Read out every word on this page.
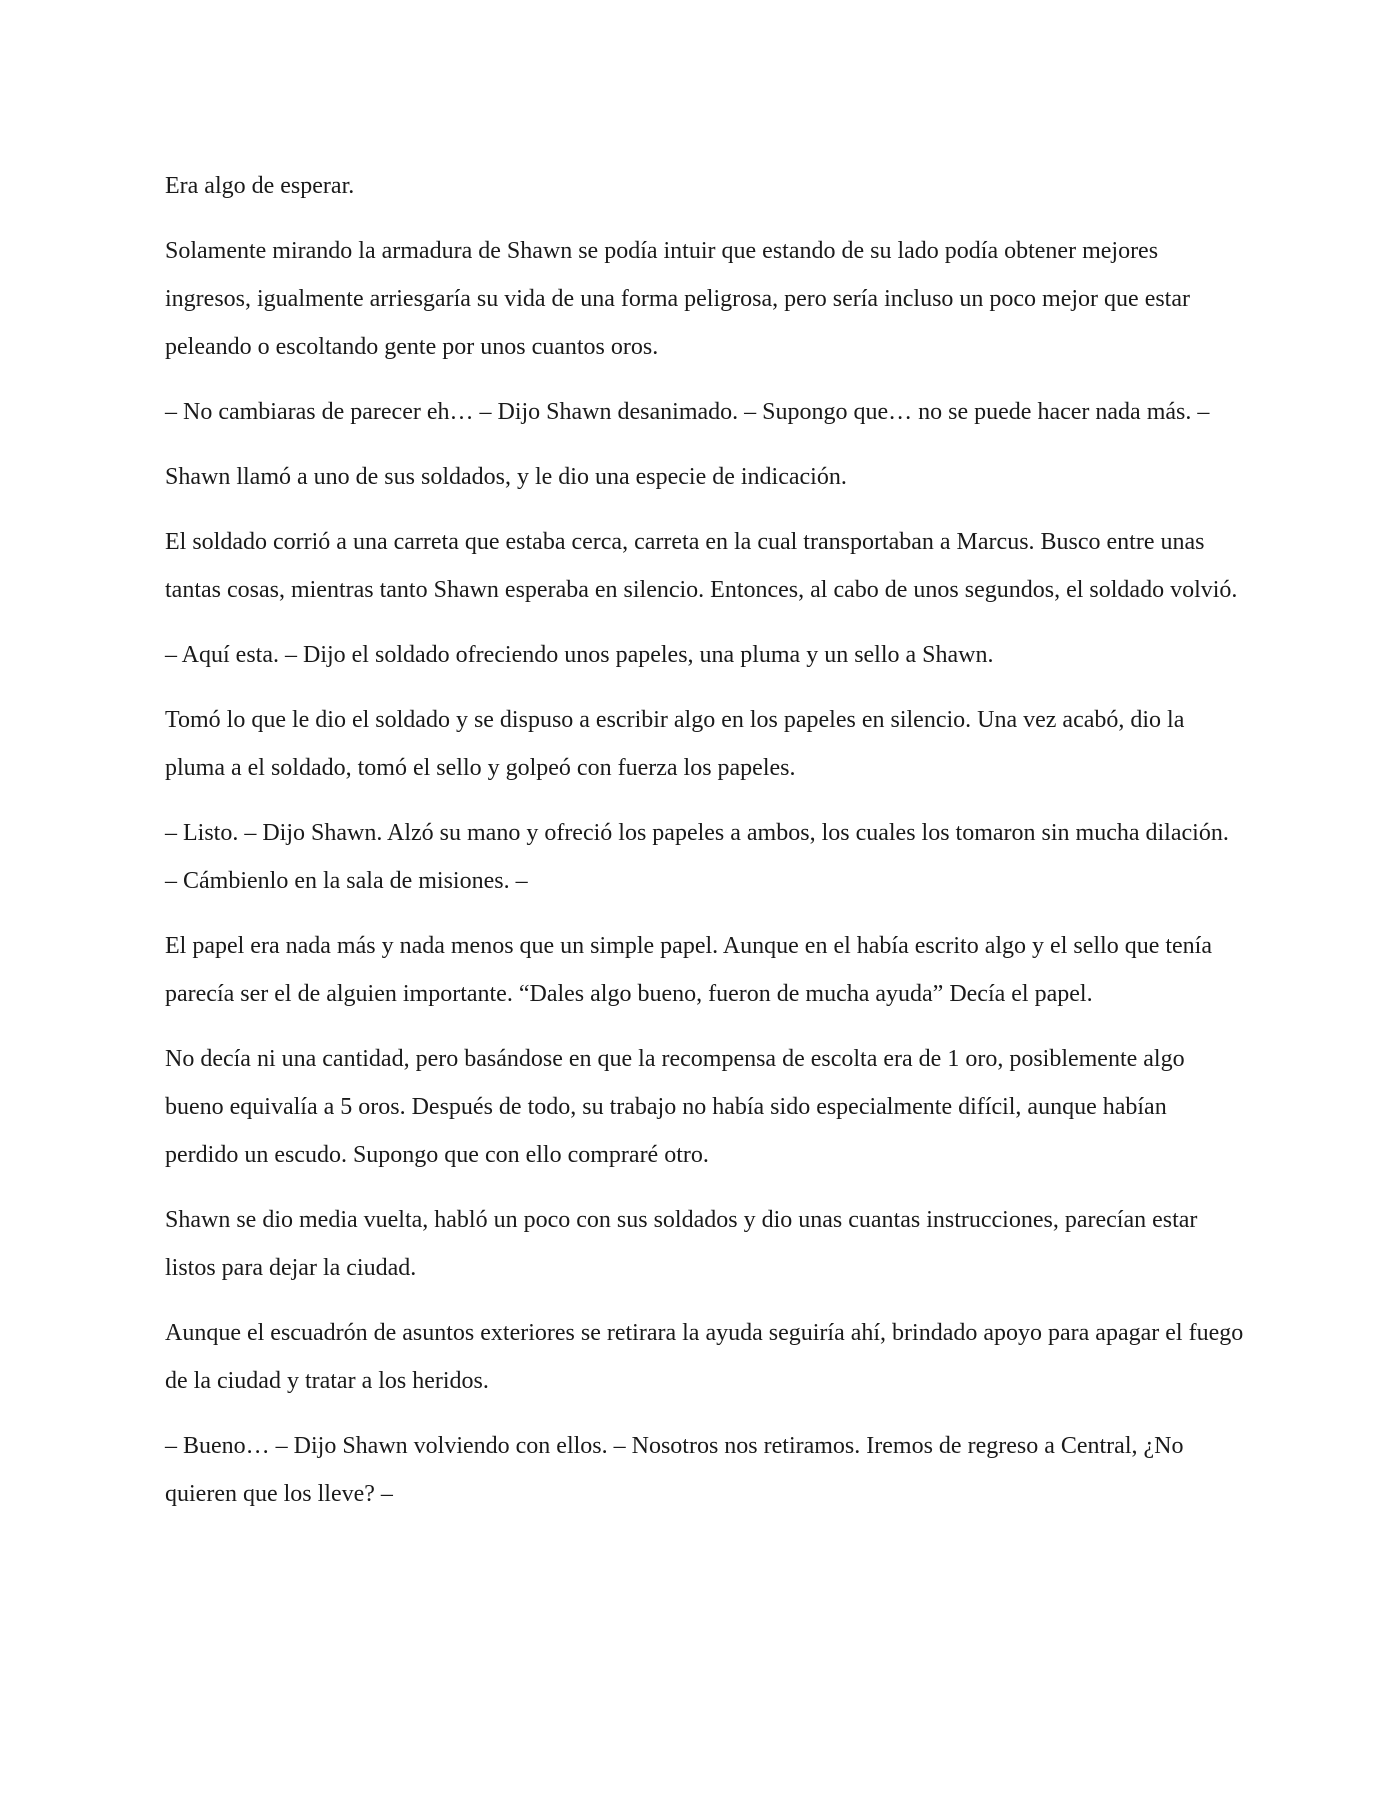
Era algo de esperar.

Solamente mirando la armadura de Shawn se podía intuir que estando de su lado podía obtener mejores ingresos, igualmente arriesgaría su vida de una forma peligrosa, pero sería incluso un poco mejor que estar peleando o escoltando gente por unos cuantos oros.

– No cambiaras de parecer eh… – Dijo Shawn desanimado. – Supongo que… no se puede hacer nada más. –

Shawn llamó a uno de sus soldados, y le dio una especie de indicación.

El soldado corrió a una carreta que estaba cerca, carreta en la cual transportaban a Marcus. Busco entre unas tantas cosas, mientras tanto Shawn esperaba en silencio. Entonces, al cabo de unos segundos, el soldado volvió.

– Aquí esta. – Dijo el soldado ofreciendo unos papeles, una pluma y un sello a Shawn.

Tomó lo que le dio el soldado y se dispuso a escribir algo en los papeles en silencio. Una vez acabó, dio la pluma a el soldado, tomó el sello y golpeó con fuerza los papeles.

– Listo. – Dijo Shawn. Alzó su mano y ofreció los papeles a ambos, los cuales los tomaron sin mucha dilación. – Cámbienlo en la sala de misiones. –

El papel era nada más y nada menos que un simple papel. Aunque en el había escrito algo y el sello que tenía parecía ser el de alguien importante. “Dales algo bueno, fueron de mucha ayuda” Decía el papel.

No decía ni una cantidad, pero basándose en que la recompensa de escolta era de 1 oro, posiblemente algo bueno equivalía a 5 oros. Después de todo, su trabajo no había sido especialmente difícil, aunque habían perdido un escudo. Supongo que con ello compraré otro.

Shawn se dio media vuelta, habló un poco con sus soldados y dio unas cuantas instrucciones, parecían estar listos para dejar la ciudad.

Aunque el escuadrón de asuntos exteriores se retirara la ayuda seguiría ahí, brindado apoyo para apagar el fuego de la ciudad y tratar a los heridos.

– Bueno… – Dijo Shawn volviendo con ellos. – Nosotros nos retiramos. Iremos de regreso a Central, ¿No quieren que los lleve? –
